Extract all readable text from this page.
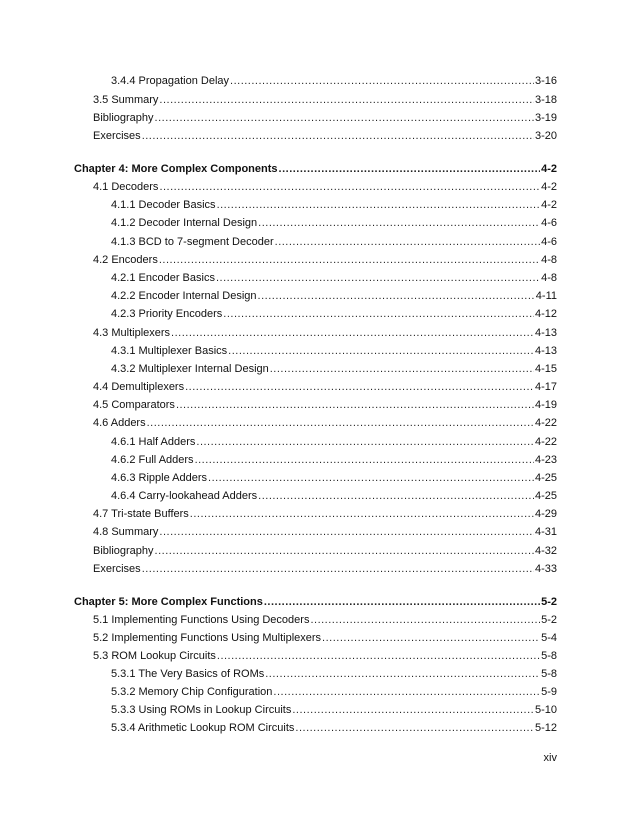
3.4.4 Propagation Delay .....	3-16
3.5 Summary .....	3-18
Bibliography .....	3-19
Exercises .....	3-20
Chapter 4: More Complex Components .....	4-2
4.1 Decoders .....	4-2
4.1.1 Decoder Basics .....	4-2
4.1.2 Decoder Internal Design .....	4-6
4.1.3 BCD to 7-segment Decoder .....	4-6
4.2 Encoders .....	4-8
4.2.1 Encoder Basics .....	4-8
4.2.2 Encoder Internal Design .....	4-11
4.2.3 Priority Encoders .....	4-12
4.3 Multiplexers .....	4-13
4.3.1 Multiplexer Basics .....	4-13
4.3.2 Multiplexer Internal Design .....	4-15
4.4 Demultiplexers .....	4-17
4.5 Comparators .....	4-19
4.6 Adders .....	4-22
4.6.1 Half Adders .....	4-22
4.6.2 Full Adders .....	4-23
4.6.3 Ripple Adders .....	4-25
4.6.4 Carry-lookahead Adders .....	4-25
4.7 Tri-state Buffers .....	4-29
4.8 Summary .....	4-31
Bibliography .....	4-32
Exercises .....	4-33
Chapter 5: More Complex Functions .....	5-2
5.1 Implementing Functions Using Decoders .....	5-2
5.2 Implementing Functions Using Multiplexers .....	5-4
5.3 ROM Lookup Circuits .....	5-8
5.3.1 The Very Basics of ROMs .....	5-8
5.3.2 Memory Chip Configuration .....	5-9
5.3.3 Using ROMs in Lookup Circuits .....	5-10
5.3.4 Arithmetic Lookup ROM Circuits .....	5-12
xiv
